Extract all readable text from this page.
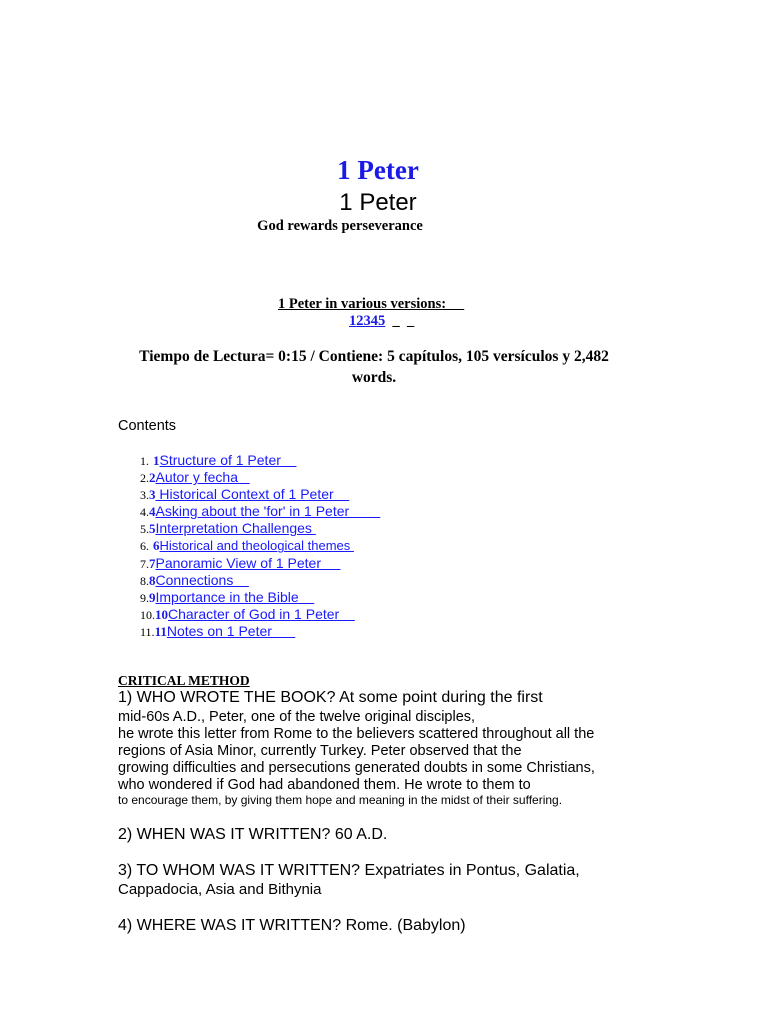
1 Peter
1 Peter
God rewards perseverance
1 Peter in various versions:
12345  _  _
Tiempo de Lectura= 0:15 / Contiene: 5 capítulos, 105 versículos y 2,482 words.
Contents
1. 1Structure of 1 Peter
2.2Autor y fecha
3.3 Historical Context of 1 Peter
4.4Asking about the 'for' in 1 Peter
5.5Interpretation Challenges
6. 6Historical and theological themes
7.7Panoramic View of 1 Peter
8.8Connections
9.9Importance in the Bible
10.10Character of God in 1 Peter
11.11Notes on 1 Peter
CRITICAL METHOD
1) WHO WROTE THE BOOK? At some point during the first
mid-60s A.D., Peter, one of the twelve original disciples,
he wrote this letter from Rome to the believers scattered throughout all the
regions of Asia Minor, currently Turkey. Peter observed that the
growing difficulties and persecutions generated doubts in some Christians,
who wondered if God had abandoned them. He wrote to them to
to encourage them, by giving them hope and meaning in the midst of their suffering.
2) WHEN WAS IT WRITTEN? 60 A.D.
3) TO WHOM WAS IT WRITTEN? Expatriates in Pontus, Galatia,
Cappadocia, Asia and Bithynia
4) WHERE WAS IT WRITTEN? Rome. (Babylon)
